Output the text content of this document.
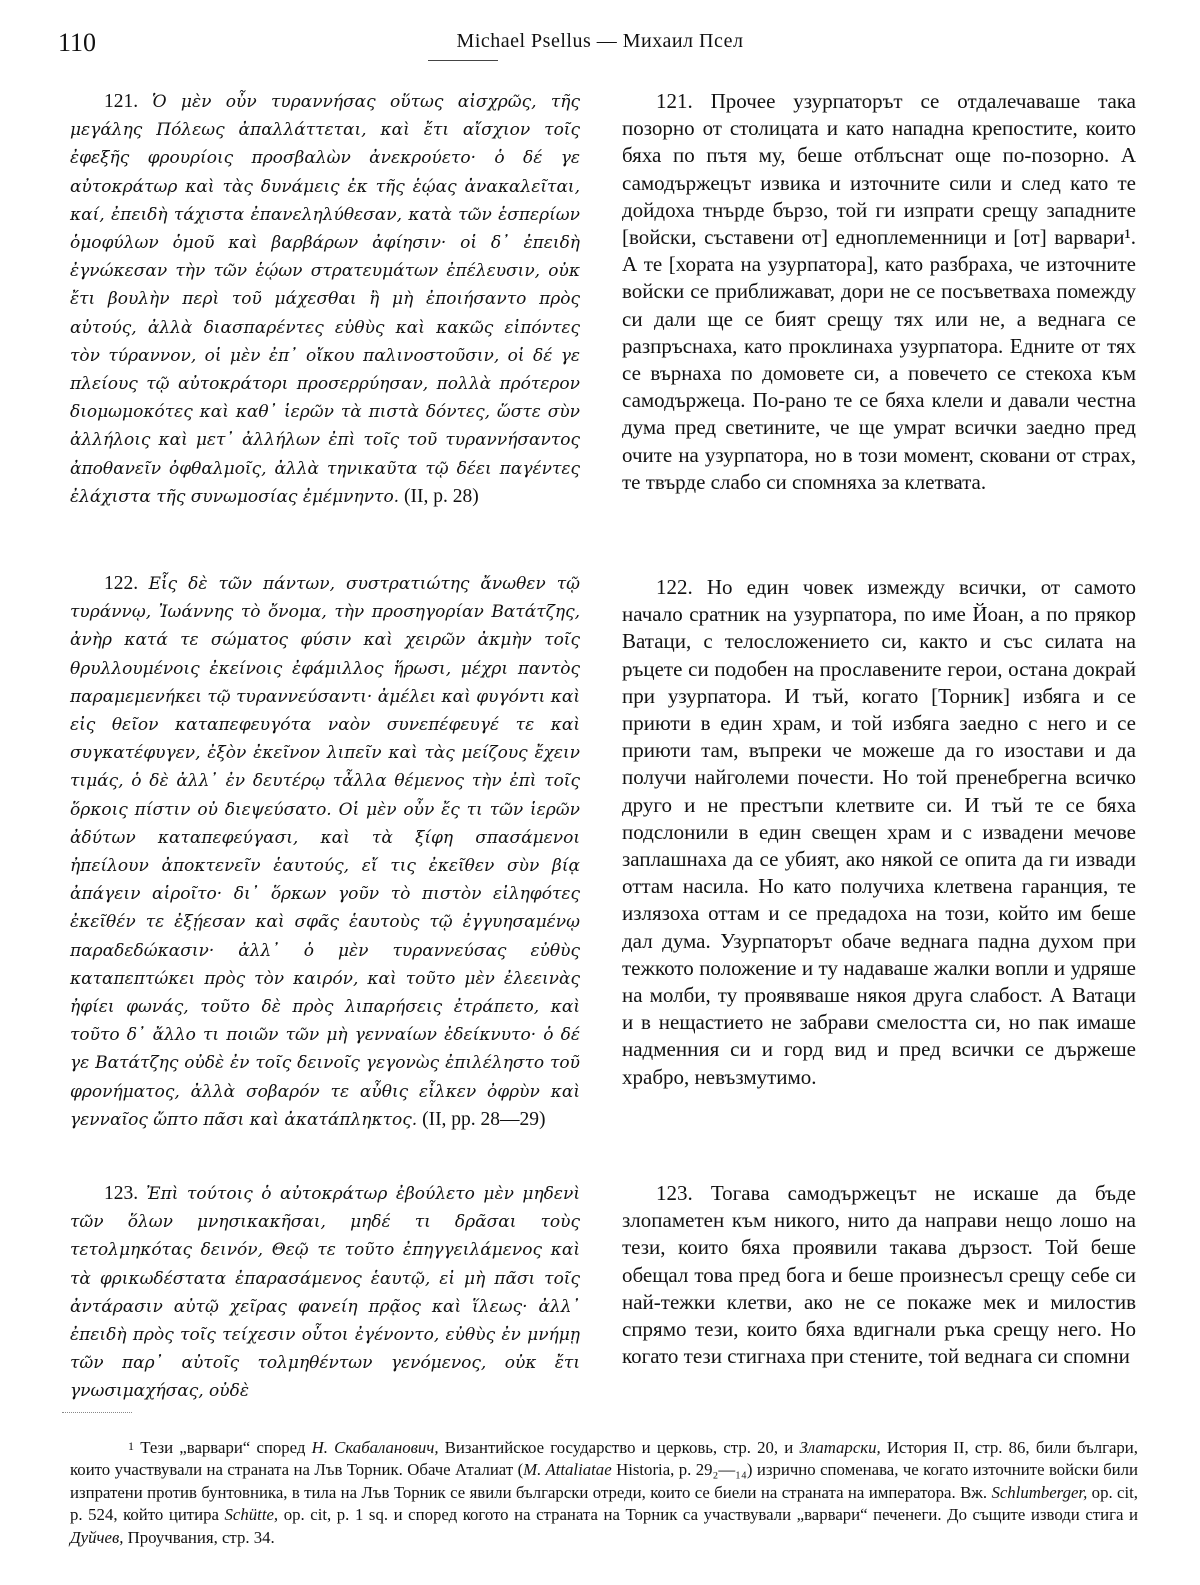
110	Michael Psellus — Михаил Псел

121. Ὁ μὲν οὖν τυραννήσας οὕτως αἰσχρῶς, τῆς μεγάλης Πόλεως ἀπαλλάττεται, καὶ ἔτι αἴσχιον τοῖς ἐφεξῆς φρουρίοις προσβαλὼν ἀνεκρούετο· ὁ δέ γε αὐτοκράτωρ καὶ τὰς δυνάμεις ἐκ τῆς ἑῴας ἀνακαλεῖται, καί, ἐπειδὴ τάχιστα ἐπανεληλύθεσαν, κατὰ τῶν ἑσπερίων ὁμοφύλων ὁμοῦ καὶ βαρβάρων ἀφίησιν· οἱ δ᾽ ἐπειδὴ ἐγνώκεσαν τὴν τῶν ἑῴων στρατευμάτων ἐπέλευσιν, οὐκ ἔτι βουλὴν περὶ τοῦ μάχεσθαι ἢ μὴ ἐποιήσαντο πρὸς αὐτούς, ἀλλὰ διασπαρέντες εὐθὺς καὶ κακῶς εἰπόντες τὸν τύραννον, οἱ μὲν ἐπ᾽ οἴκου παλινοστοῦσιν, οἱ δέ γε πλείους τῷ αὐτοκράτορι προσερρύησαν, πολλὰ πρότερον διομωμοκότες καὶ καθ᾽ ἱερῶν τὰ πιστὰ δόντες, ὥστε σὺν ἀλλήλοις καὶ μετ᾽ ἀλλήλων ἐπὶ τοῖς τοῦ τυραννήσαντος ἀποθανεῖν ὀφθαλμοῖς, ἀλλὰ τηνικαῦτα τῷ δέει παγέντες ἐλάχιστα τῆς συνωμοσίας ἐμέμνηντο. (II, p. 28)

122. Εἷς δὲ τῶν πάντων, συστρατιώτης ἄνωθεν τῷ τυράννῳ, Ἰωάννης τὸ ὄνομα, τὴν προσηγορίαν Βατάτζης, ἀνὴρ κατά τε σώματος φύσιν καὶ χειρῶν ἀκμὴν τοῖς θρυλλουμένοις ἐκείνοις ἐφάμιλλος ἥρωσι, μέχρι παντὸς παραμεμενήκει τῷ τυραννεύσαντι· ἀμέλει καὶ φυγόντι καὶ εἰς θεῖον καταπεφευγότα ναὸν συνεπέφευγέ τε καὶ συγκατέφυγεν, ἐξὸν ἐκεῖνον λιπεῖν καὶ τὰς μείζους ἔχειν τιμάς, ὁ δὲ ἀλλ᾽ ἐν δευτέρῳ τἆλλα θέμενος τὴν ἐπὶ τοῖς ὅρκοις πίστιν οὐ διεψεύσατο. Οἱ μὲν οὖν ἔς τι τῶν ἱερῶν ἀδύτων καταπεφεύγασι, καὶ τὰ ξίφη σπασάμενοι ἠπείλουν ἀποκτενεῖν ἑαυτούς, εἴ τις ἐκεῖθεν σὺν βίᾳ ἀπάγειν αἱροῖτο· δι᾽ ὅρκων γοῦν τὸ πιστὸν εἰληφότες ἐκεῖθέν τε ἐξῄεσαν καὶ σφᾶς ἑαυτοὺς τῷ ἐγγυησαμένῳ παραδεδώκασιν· ἀλλ᾽ ὁ μὲν τυραννεύσας εὐθὺς καταπεπτώκει πρὸς τὸν καιρόν, καὶ τοῦτο μὲν ἐλεεινὰς ἠφίει φωνάς, τοῦτο δὲ πρὸς λιπαρήσεις ἐτράπετο, καὶ τοῦτο δ᾽ ἄλλο τι ποιῶν τῶν μὴ γενναίων ἐδείκνυτο· ὁ δέ γε Βατάτζης οὐδὲ ἐν τοῖς δεινοῖς γεγονὼς ἐπιλέληστο τοῦ φρονήματος, ἀλλὰ σοβαρόν τε αὖθις εἶλκεν ὀφρὺν καὶ γενναῖος ὤπτο πᾶσι καὶ ἀκατάπληκτος. (II, pp. 28—29)

123. Ἐπὶ τούτοις ὁ αὐτοκράτωρ ἐβούλετο μὲν μηδενὶ τῶν ὅλων μνησικακῆσαι, μηδέ τι δρᾶσαι τοὺς τετολμηκότας δεινόν, Θεῷ τε τοῦτο ἐπηγγειλάμενος καὶ τὰ φρικωδέστατα ἐπαρασάμενος ἑαυτῷ, εἰ μὴ πᾶσι τοῖς ἀντάρασιν αὐτῷ χεῖρας φανείη πρᾷος καὶ ἵλεως· ἀλλ᾽ ἐπειδὴ πρὸς τοῖς τείχεσιν οὗτοι ἐγένοντο, εὐθὺς ἐν μνήμῃ τῶν παρ᾽ αὐτοῖς τολμηθέντων γενόμενος, οὐκ ἔτι γνωσιμαχήσας, οὐδὲ

121. Прочее узурпаторът се отдалечаваше така позорно от столицата и като нападна крепостите, които бяха по пътя му, беше отблъснат още по-позорно. А самодържецът извика и източните сили и след като те дойдоха тнърде бързо, той ги изпрати срещу западните [войски, съставени от] едноплеменници и [от] варвари¹. А те [хората на узурпатора], като разбраха, че източните войски се приближават, дори не се посъветваха помежду си дали ще се бият срещу тях или не, а веднага се разпръснаха, като проклинаха узурпатора. Едните от тях се върнаха по домовете си, а повечето се стекоха към самодържеца. По-рано те се бяха клели и давали честна дума пред светините, че ще умрат всички заедно пред очите на узурпатора, но в този момент, сковани от страх, те твърде слабо си спомняха за клетвата.

122. Но един човек измежду всички, от самото начало сратник на узурпатора, по име Йоан, а по прякор Ватаци, с телосложението си, както и със силата на ръцете си подобен на прославените герои, остана докрай при узурпатора. И тъй, когато [Торник] избяга и се приюти в един храм, и той избяга заедно с него и се приюти там, въпреки че можеше да го изостави и да получи найголеми почести. Но той пренебрегна всичко друго и не престъпи клетвите си. И тъй те се бяха подслонили в един свещен храм и с извадени мечове заплашнаха да се убият, ако някой се опита да ги извади оттам насила. Но като получиха клетвена гаранция, те излязоха оттам и се предадоха на този, който им беше дал дума. Узурпаторът обаче веднага падна духом при тежкото положение и ту надаваше жалки вопли и удряше на молби, ту проявяваше някоя друга слабост. А Ватаци и в нещастието не забрави смелостта си, но пак имаше надменния си и горд вид и пред всички се държеше храбро, невъзмутимо.

123. Тогава самодържецът не искаше да бъде злопаметен към никого, нито да направи нещо лошо на тези, които бяха проявили такава дързост. Той беше обещал това пред бога и беше произнесъл срещу себе си най-тежки клетви, ако не се покаже мек и милостив спрямо тези, които бяха вдигнали ръка срещу него. Но когато тези стигнаха при стените, той веднага си спомни

$^1$ Тези „варвари“ според Н. Скабаланович, Византийское государство и церковь, стр. 20, и Златарски, История II, стр. 86, били българи, които участвували на страната на Лъв Торник. Обаче Аталиат (M. Attaliatae Historia, p. 29₂—₁₄) изрично споменава, че когато източните войски били изпратени против бунтовника, в тила на Лъв Торник се явили български отреди, които се биели на страната на императора. Вж. Schlumberger, op. cit, p. 524, който цитира Schütte, op. cit, p. 1 sq. и според когото на страната на Торник са участвували „варвари“ печенеги. До същите изводи стига и Дуйчев, Проучвания, стр. 34.
